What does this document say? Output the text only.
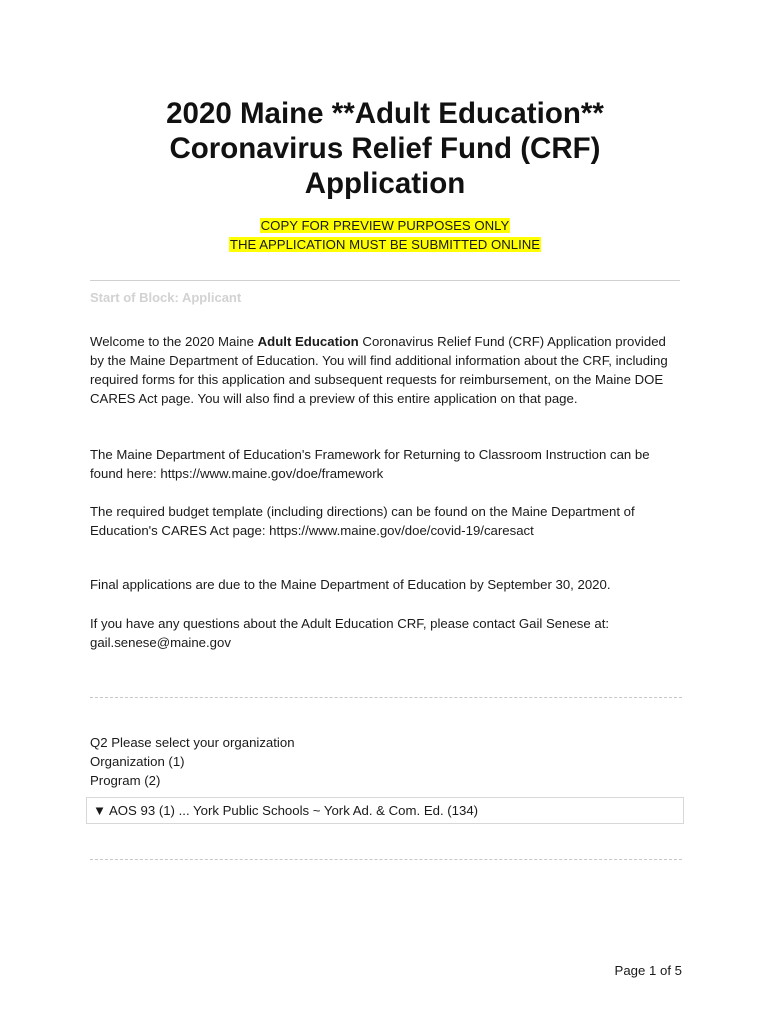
2020 Maine **Adult Education**
Coronavirus Relief Fund (CRF)
Application
COPY FOR PREVIEW PURPOSES ONLY
THE APPLICATION MUST BE SUBMITTED ONLINE
Start of Block: Applicant
Welcome to the 2020 Maine Adult Education Coronavirus Relief Fund (CRF) Application provided by the Maine Department of Education. You will find additional information about the CRF, including required forms for this application and subsequent requests for reimbursement, on the Maine DOE CARES Act page. You will also find a preview of this entire application on that page.
The Maine Department of Education's Framework for Returning to Classroom Instruction can be found here: https://www.maine.gov/doe/framework
The required budget template (including directions) can be found on the Maine Department of Education's CARES Act page: https://www.maine.gov/doe/covid-19/caresact
Final applications are due to the Maine Department of Education by September 30, 2020.
If you have any questions about the Adult Education CRF, please contact Gail Senese at: gail.senese@maine.gov
Q2 Please select your organization
Organization (1)
Program (2)
▼ AOS 93 (1) ... York Public Schools ~ York Ad. & Com. Ed. (134)
Page 1 of 5
